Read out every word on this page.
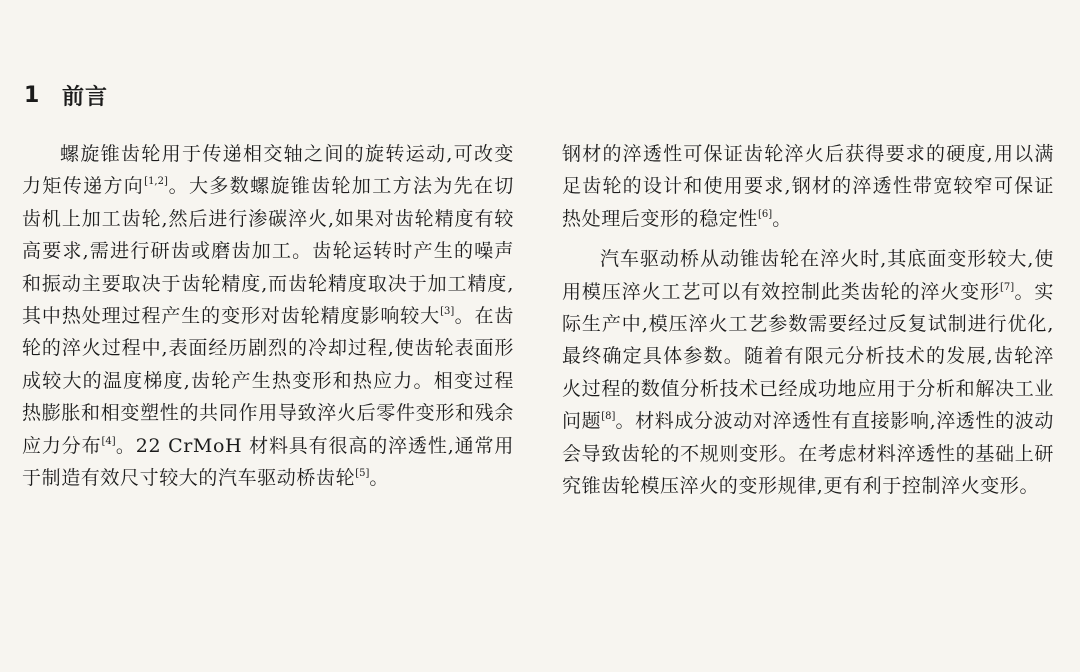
1 前言

螺旋锥齿轮用于传递相交轴之间的旋转运动,可改变力矩传递方向[1,2]。大多数螺旋锥齿轮加工方法为先在切齿机上加工齿轮,然后进行渗碳淬火,如果对齿轮精度有较高要求,需进行研齿或磨齿加工。齿轮运转时产生的噪声和振动主要取决于齿轮精度,而齿轮精度取决于加工精度,其中热处理过程产生的变形对齿轮精度影响较大[3]。在齿轮的淬火过程中,表面经历剧烈的冷却过程,使齿轮表面形成较大的温度梯度,齿轮产生热变形和热应力。相变过程热膨胀和相变塑性的共同作用导致淬火后零件变形和残余应力分布[4]。22 CrMoH 材料具有很高的淬透性,通常用于制造有效尺寸较大的汽车驱动桥齿轮[5]。

钢材的淬透性可保证齿轮淬火后获得要求的硬度,用以满足齿轮的设计和使用要求,钢材的淬透性带宽较窄可保证热处理后变形的稳定性[6]。

汽车驱动桥从动锥齿轮在淬火时,其底面变形较大,使用模压淬火工艺可以有效控制此类齿轮的淬火变形[7]。实际生产中,模压淬火工艺参数需要经过反复试制进行优化,最终确定具体参数。随着有限元分析技术的发展,齿轮淬火过程的数值分析技术已经成功地应用于分析和解决工业问题[8]。材料成分波动对淬透性有直接影响,淬透性的波动会导致齿轮的不规则变形。在考虑材料淬透性的基础上研究锥齿轮模压淬火的变形规律,更有利于控制淬火变形。
